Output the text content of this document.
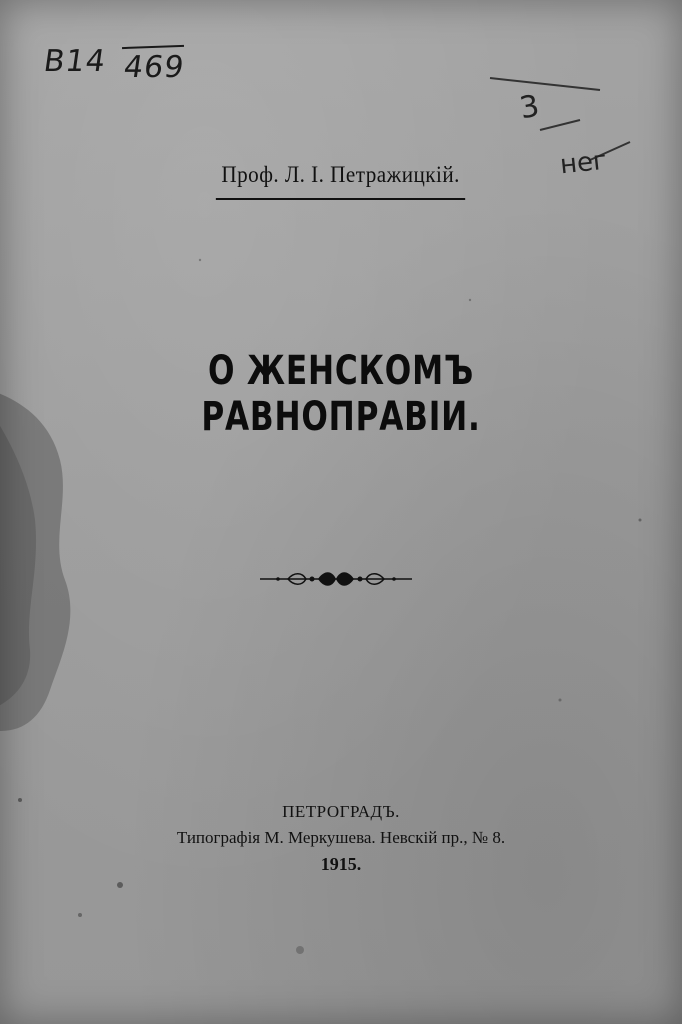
В14 469
3
нег
Проф. Л. І. Петражицкій.
О ЖЕНСКОМЪ РАВНОПРАВІИ.
ПЕТРОГРАДЪ.
Типографія М. Меркушева. Невскій пр., № 8.
1915.
